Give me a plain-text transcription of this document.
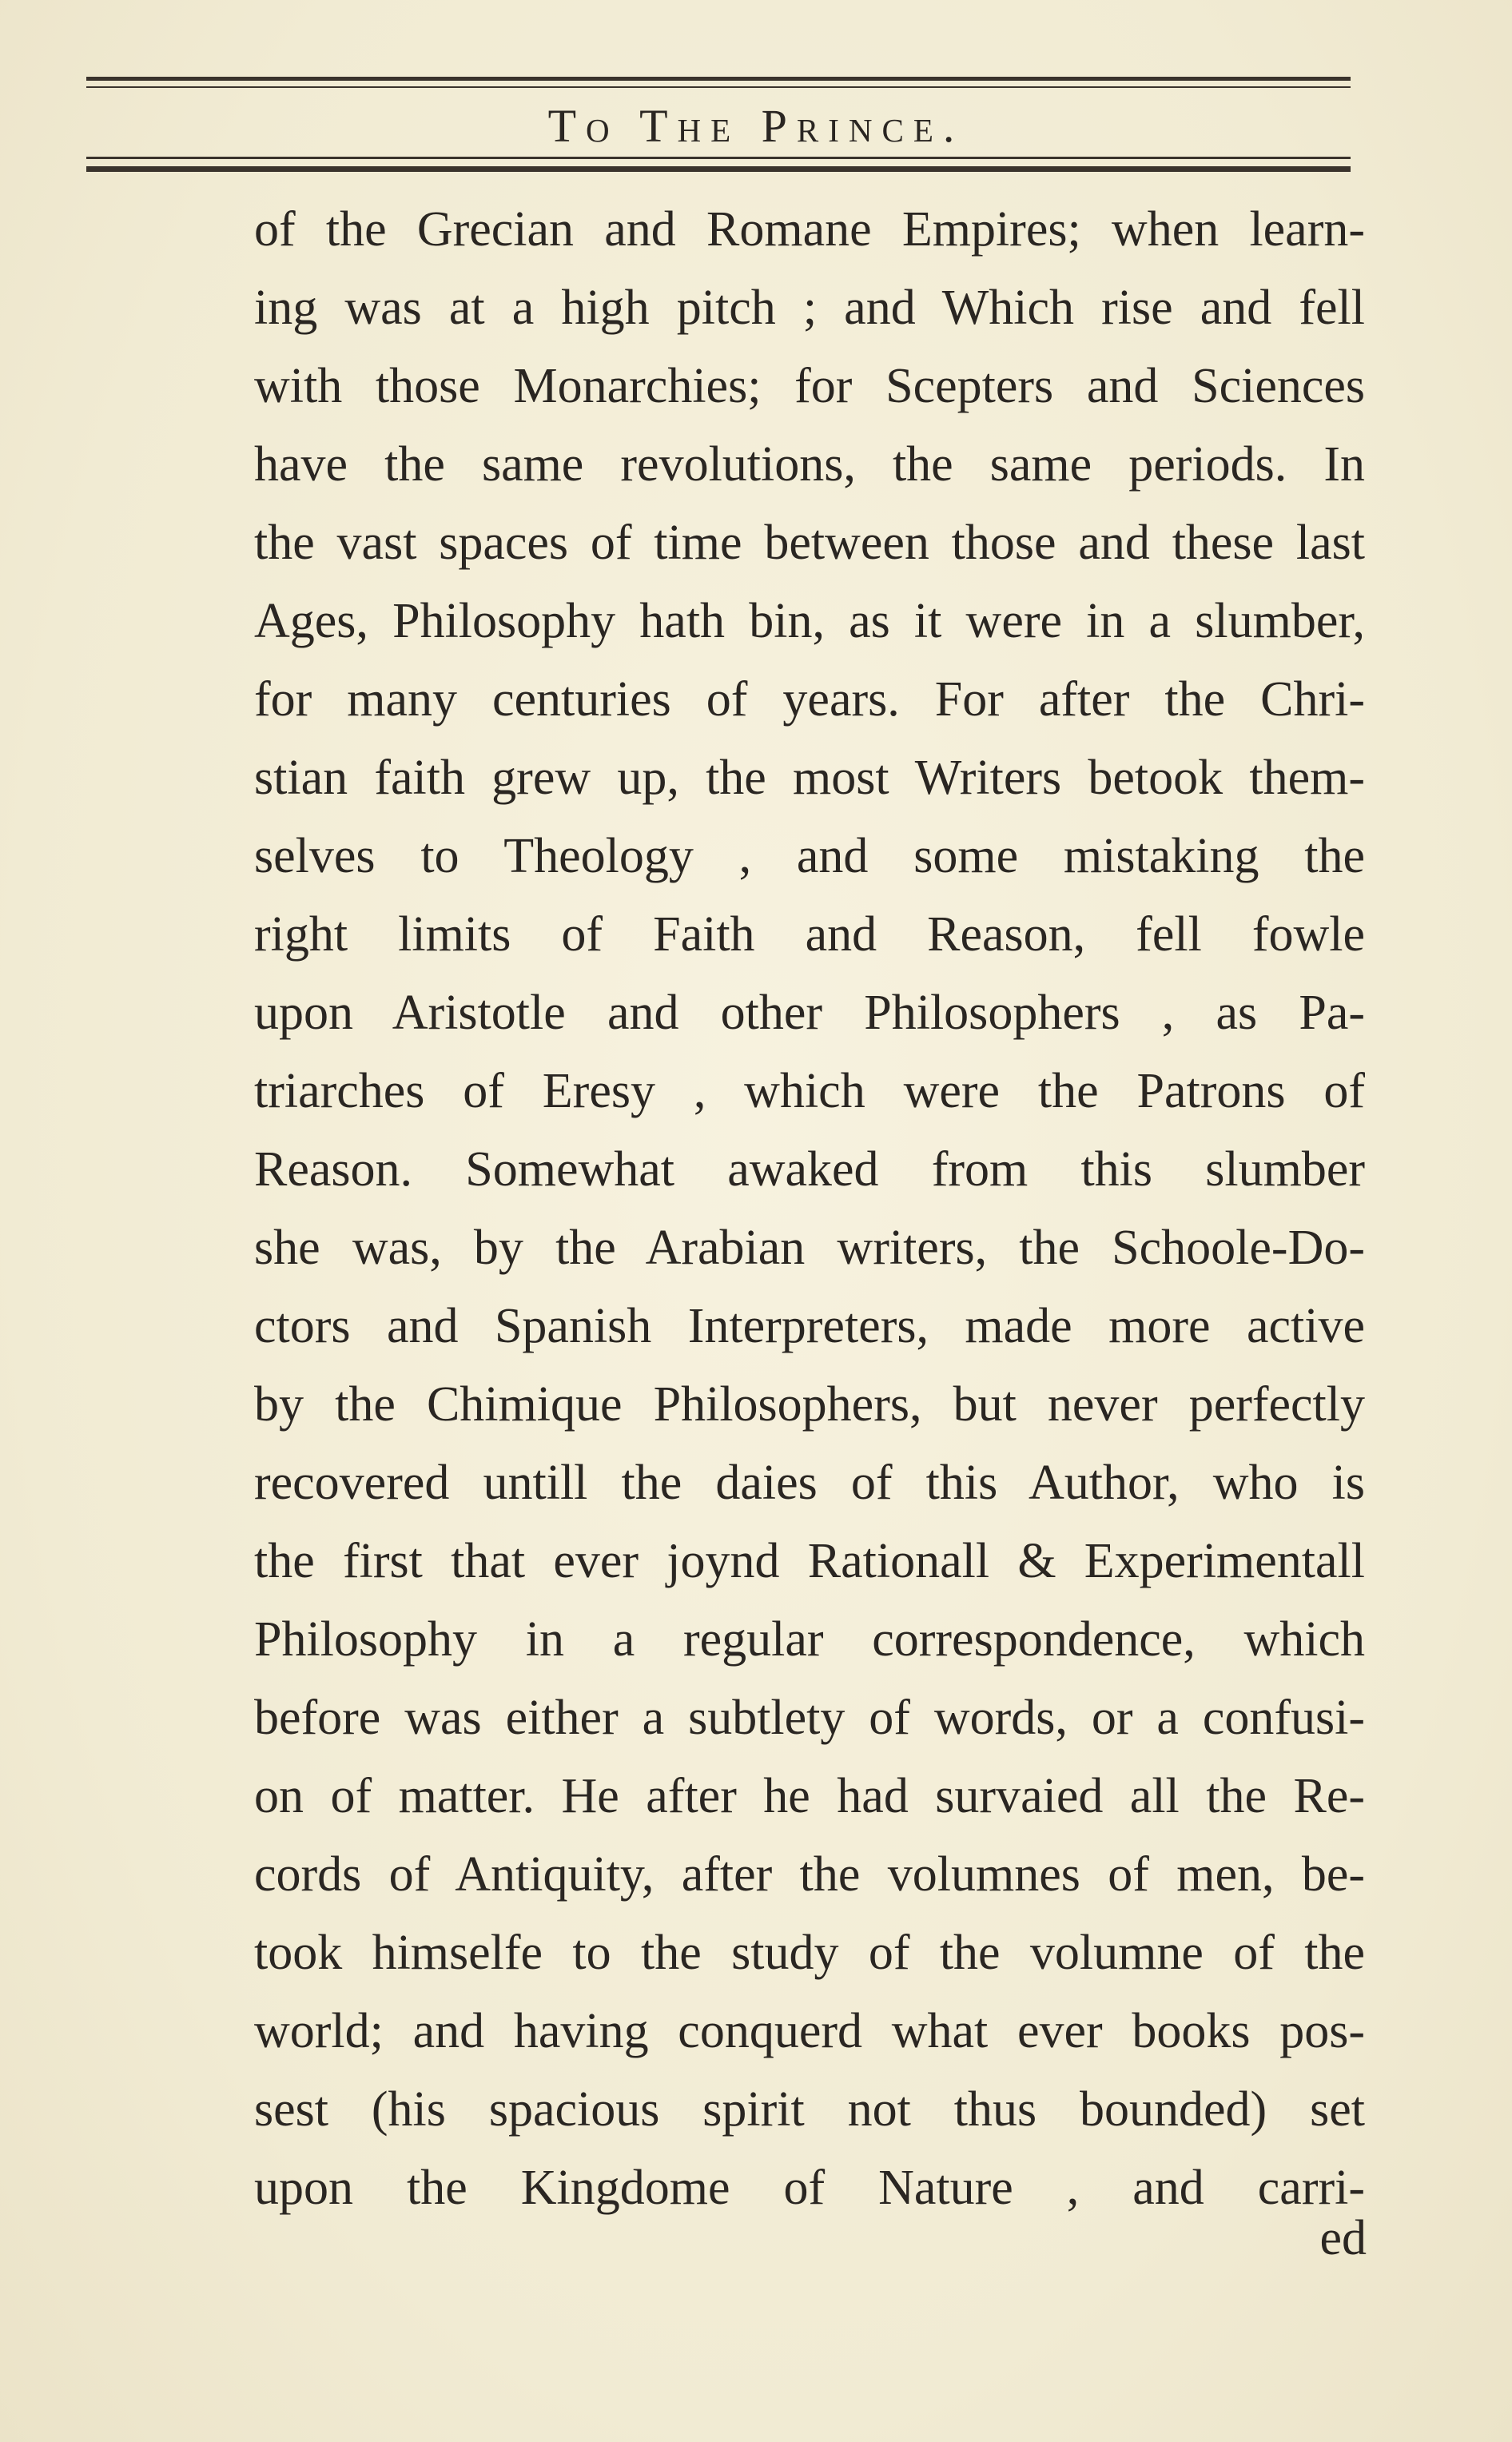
To The Prince.
of the Grecian and Romane Empires; when learn-
ing was at a high pitch ; and Which rise and fell
with those Monarchies; for Scepters and Sciences
have the same revolutions, the same periods. In
the vast spaces of time between those and these last
Ages, Philosophy hath bin, as it were in a slumber,
for many centuries of years. For after the Chri-
stian faith grew up, the most Writers betook them-
selves to Theology , and some mistaking the
right limits of Faith and Reason, fell fowle
upon Aristotle and other Philosophers , as Pa-
triarches of Eresy , which were the Patrons of
Reason. Somewhat awaked from this slumber
she was, by the Arabian writers, the Schoole-Do-
ctors and Spanish Interpreters, made more active
by the Chimique Philosophers, but never perfectly
recovered untill the daies of this Author, who is
the first that ever joynd Rationall & Experimentall
Philosophy in a regular correspondence, which
before was either a subtlety of words, or a confusi-
on of matter. He after he had survaied all the Re-
cords of Antiquity, after the volumnes of men, be-
took himselfe to the study of the volumne of the
world; and having conquerd what ever books pos-
sest (his spacious spirit not thus bounded) set
upon the Kingdome of Nature , and carri-
ed
